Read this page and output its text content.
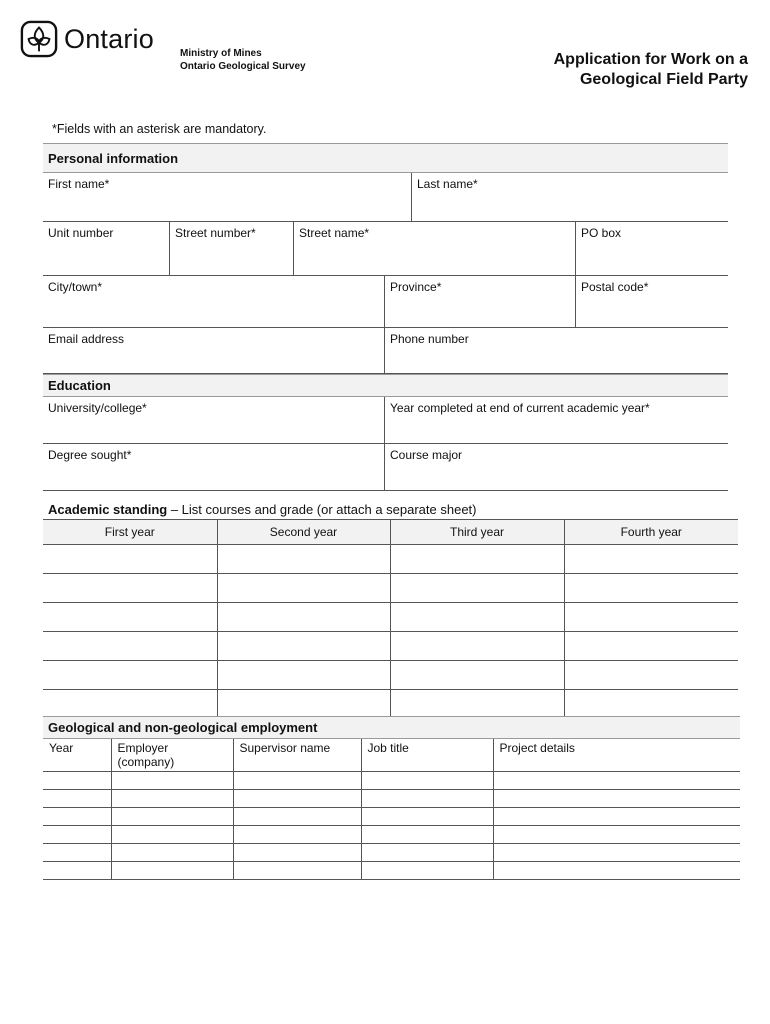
Ontario	Ministry of Mines
Ontario Geological Survey	Application for Work on a
Geological Field Party
*Fields with an asterisk are mandatory.
Personal information
First name*	Last name*
Unit number	Street number*	Street name*	PO box
City/town*	Province*	Postal code*
Email address	Phone number
Education
University/college*	Year completed at end of current academic year*
Degree sought*	Course major
Academic standing – List courses and grade (or attach a separate sheet)
First year	Second year	Third year	Fourth year

Geological and non-geological employment
Year	Employer (company)	Supervisor name	Job title	Project details
